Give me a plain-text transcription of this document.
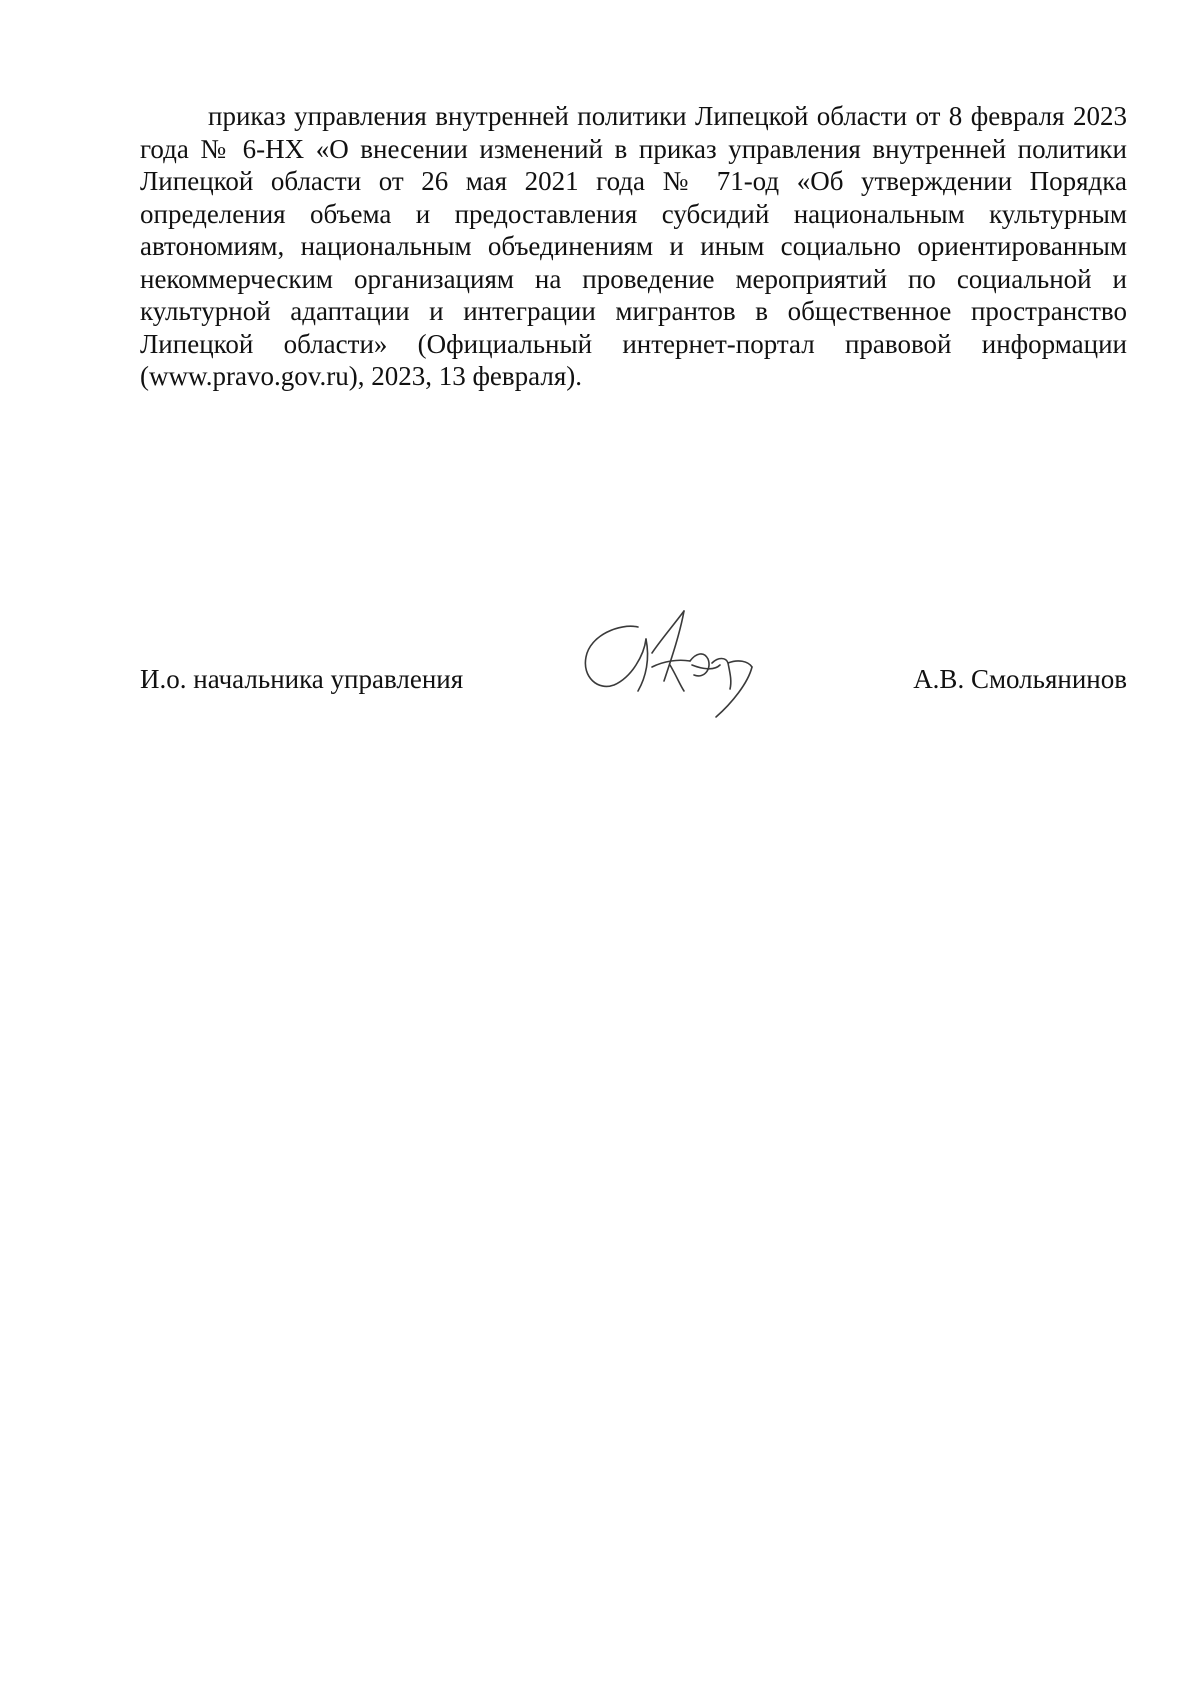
приказ управления внутренней политики Липецкой области от 8 февраля 2023 года № 6-НХ «О внесении изменений в приказ управления внутренней политики Липецкой области от 26 мая 2021 года № 71-од «Об утверждении Порядка определения объема и предоставления субсидий национальным культурным автономиям, национальным объединениям и иным социально ориентированным некоммерческим организациям на проведение мероприятий по социальной и культурной адаптации и интеграции мигрантов в общественное пространство Липецкой области» (Официальный интернет-портал правовой информации (www.pravo.gov.ru), 2023, 13 февраля).

И.о. начальника управления	А.В. Смольянинов
